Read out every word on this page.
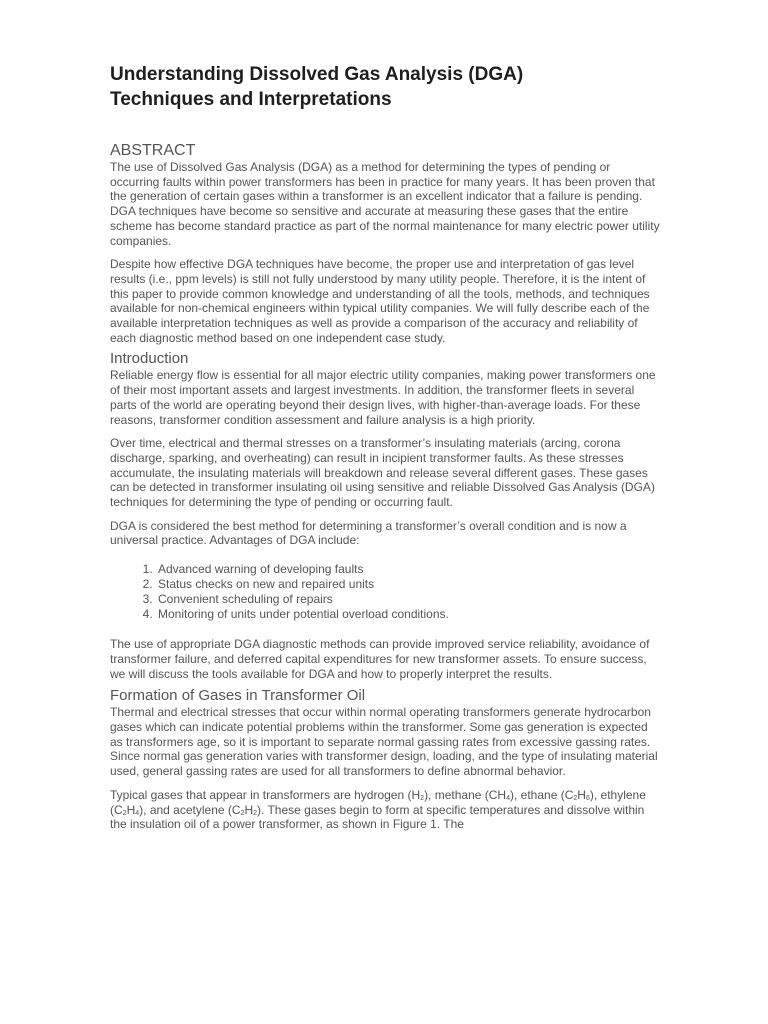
Understanding Dissolved Gas Analysis (DGA)
Techniques and Interpretations
ABSTRACT

The use of Dissolved Gas Analysis (DGA) as a method for determining the types of pending or occurring faults within power transformers has been in practice for many years. It has been proven that the generation of certain gases within a transformer is an excellent indicator that a failure is pending. DGA techniques have become so sensitive and accurate at measuring these gases that the entire scheme has become standard practice as part of the normal maintenance for many electric power utility companies.

Despite how effective DGA techniques have become, the proper use and interpretation of gas level results (i.e., ppm levels) is still not fully understood by many utility people. Therefore, it is the intent of this paper to provide common knowledge and understanding of all the tools, methods, and techniques available for non-chemical engineers within typical utility companies. We will fully describe each of the available interpretation techniques as well as provide a comparison of the accuracy and reliability of each diagnostic method based on one independent case study.

Introduction

Reliable energy flow is essential for all major electric utility companies, making power transformers one of their most important assets and largest investments. In addition, the transformer fleets in several parts of the world are operating beyond their design lives, with higher-than-average loads. For these reasons, transformer condition assessment and failure analysis is a high priority.

Over time, electrical and thermal stresses on a transformer’s insulating materials (arcing, corona discharge, sparking, and overheating) can result in incipient transformer faults. As these stresses accumulate, the insulating materials will breakdown and release several different gases. These gases can be detected in transformer insulating oil using sensitive and reliable Dissolved Gas Analysis (DGA) techniques for determining the type of pending or occurring fault.

DGA is considered the best method for determining a transformer’s overall condition and is now a universal practice. Advantages of DGA include:

1. Advanced warning of developing faults
2. Status checks on new and repaired units
3. Convenient scheduling of repairs
4. Monitoring of units under potential overload conditions.

The use of appropriate DGA diagnostic methods can provide improved service reliability, avoidance of transformer failure, and deferred capital expenditures for new transformer assets. To ensure success, we will discuss the tools available for DGA and how to properly interpret the results.

Formation of Gases in Transformer Oil

Thermal and electrical stresses that occur within normal operating transformers generate hydrocarbon gases which can indicate potential problems within the transformer. Some gas generation is expected as transformers age, so it is important to separate normal gassing rates from excessive gassing rates. Since normal gas generation varies with transformer design, loading, and the type of insulating material used, general gassing rates are used for all transformers to define abnormal behavior.

Typical gases that appear in transformers are hydrogen $(H_2)$, methane $(CH_4)$, ethane $(C_2H_6)$, ethylene $(C_2H_4)$, and acetylene $(C_2H_2)$. These gases begin to form at specific temperatures and dissolve within the insulation oil of a power transformer, as shown in Figure 1. The
